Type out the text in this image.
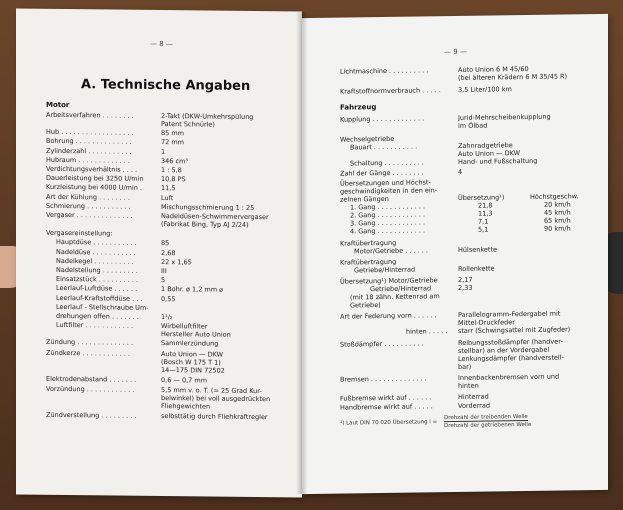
— 8 —
A. Technische Angaben
Motor
Arbeitsverfahren . . . . . . . .	2-Takt (DKW-Umkehrspülung
Patent Schnürle)
Hub . . . . . . . . . . . . . . . . . .	85 mm
Bohrung . . . . . . . . . . . . . .	72 mm
Zylinderzahl . . . . . . . . . . .	1
Hubraum . . . . . . . . . . . . .	346 cm³
Verdichtungsverhältnis . . . .	1 : 5,8
Dauerleistung bei 3250 U/min	10,8 PS
Kurzleistung bei 4000 U/min .	11,5
Art der Kühlung . . . . . . . .	Luft
Schmierung . . . . . . . . . . .	Mischungsschmierung 1 : 25
Vergaser . . . . . . . . . . . . . .	Nadeldüsen-Schwimmervergaser
(Fabrikat Bing, Typ AJ 2/24)
Vergasereinstellung:
Hauptdüse . . . . . . . . . . .	85
Nadeldüse . . . . . . . . . . .	2,68
Nadelkegel . . . . . . . . . .	22 x 1,65
Nadelstellung . . . . . . . . .	III
Einsatzstück . . . . . . . . . .	5
Leerlauf-Luftdüse . . . . . .	1 Bohr. ø 1,2 mm ⌀
Leerlauf-Kraftstoffdüse . . .	0,55
Leerlauf - Stellschraube Um-
drehungen offen . . . . . . .	1¹/₂
Luftfilter . . . . . . . . . . . .	Wirbelluftfilter
Hersteller Auto Union
Zündung . . . . . . . . . . . . . .	Sammlerzündung
Zündkerze . . . . . . . . . . . .	Auto Union — DKW
(Bosch W 175 T 1)
14—175 DIN 72502
Elektrodenabstand . . . . . . .	0,6 — 0,7 mm
Vorzündung . . . . . . . . . . . .	5,5 mm v. o. T. (= 25 Grad Kur-
belwinkel) bei voll ausgedrückten
Fliehgewichten
Zündverstellung . . . . . . . . .	selbsttätig durch Fliehkraftregler
— 9 —
Lichtmaschine . . . . . . . . . .	Auto Union 6 M 45/60
(bei älteren Krädern 6 M 35/45 R)
Kraftstoffnormverbrauch . . . . .	3,5 Liter/100 km
Fahrzeug
Kupplung . . . . . . . . . . . . .	Jurid-Mehrscheibenkupplung
im Ölbad
Wechselgetriebe
Bauart . . . . . . . . . . .	Zahnradgetriebe
Auto Union — DKW
Schaltung . . . . . . . . . .	Hand- und Fußschaltung
Zahl der Gänge . . . . . . . .	4
Übersetzungen und Höchst-
geschwindigkeiten in den ein-
zelnen Gängen	Übersetzung¹)	Höchstgeschw.
1. Gang . . . . . . . . . . . .	21,8	20 km/h
2. Gang . . . . . . . . . . . .	11,3	45 km/h
3. Gang . . . . . . . . . . . .	7,1	65 km/h
4. Gang . . . . . . . . . . . .	5,1	90 km/h
Kraftübertragung
Motor/Getriebe . . . . . .	Hülsenkette
Kraftübertragung
Getriebe/Hinterrad	Rollenkette
Übersetzung¹) Motor/Getriebe	2,17
Getriebe/Hinterrad	2,33
(mit 18 zähn. Kettenrad am
Getriebe)
Art der Federung vorn . . . . . .	Parallelogramm-Federgabel mit
Mittel-Druckfeder
hinten . . . . . starr (Schwingsattel mit Zugfeder)
Stoßdämpfer . . . . . . . . . .	Reibungsstoßdämpfer (handver-
stellbar) an der Vordergabel
Lenkungsdämpfer (handverstell-
bar)
Bremsen . . . . . . . . . . . . . .	Innenbackenbremsen vorn und
hinten
Fußbremse wirkt auf . . . . . .	Hinterrad
Handbremse wirkt auf . . . . .	Vorderrad
¹) Laut DIN 70 020 Übersetzung i =
Drehzahl der treibenden Welle
Drehzahl der getriebenen Welle
